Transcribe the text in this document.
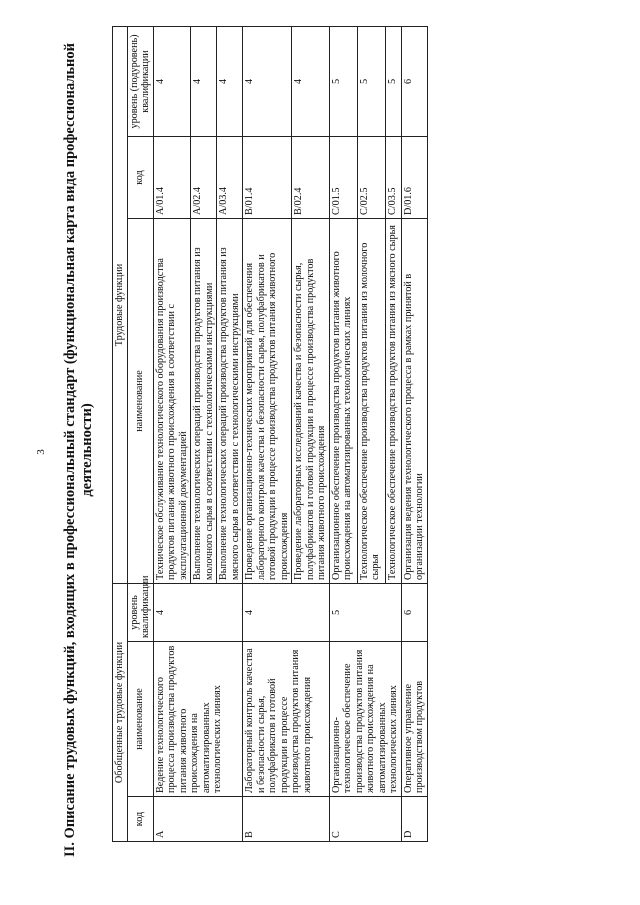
3 II. Описание трудовых функций, входящих в профессиональный стандарт (функциональная карта вида профессиональной деятельности)
Обобщенные трудовые функции			Трудовые функции		
код	наименование	уровень квалификации	наименование	код	уровень (подуровень) квалификации
A	Ведение технологического процесса производства продуктов питания животного происхождения на автоматизированных технологических линиях	4	Техническое обслуживание технологического оборудования производства продуктов питания животного происхождения в соответствии с эксплуатационной документацией	A/01.4	4
			Выполнение технологических операций производства продуктов питания из молочного сырья в соответствии с технологическими инструкциями	A/02.4	4
			Выполнение технологических операций производства продуктов питания из мясного сырья в соответствии с технологическими инструкциями	A/03.4	4
B	Лабораторный контроль качества и безопасности сырья, полуфабрикатов и готовой продукции в процессе производства продуктов питания животного происхождения	4	Проведение организационно-технических мероприятий для обеспечения лабораторного контроля качества и безопасности сырья, полуфабрикатов и готовой продукции в процессе производства продуктов питания животного происхождения	B/01.4	4
			Проведение лабораторных исследований качества и безопасности сырья, полуфабрикатов и готовой продукции в процессе производства продуктов питания животного происхождения	B/02.4	4
C	Организационно-технологическое обеспечение производства продуктов питания животного происхождения на автоматизированных технологических линиях	5	Организационное обеспечение производства продуктов питания животного происхождения на автоматизированных технологических линиях	C/01.5	5
			Технологическое обеспечение производства продуктов питания из молочного сырья	C/02.5	5
			Технологическое обеспечение производства продуктов питания из мясного сырья	C/03.5	5
D	Оперативное управление производством продуктов	6	Организация ведения технологического процесса в рамках принятой в организации технологии	D/01.6	6
